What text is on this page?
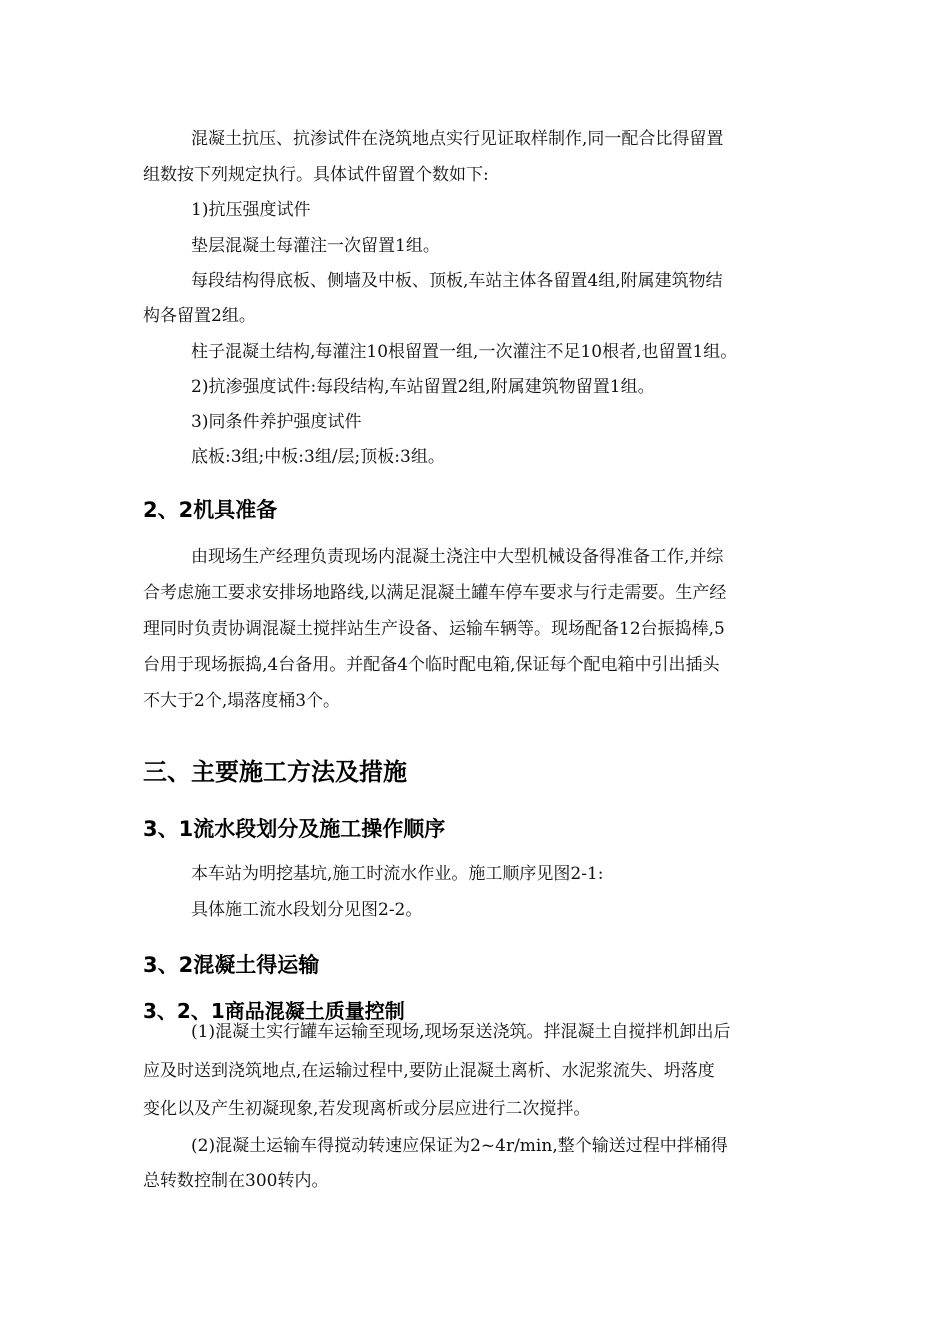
混凝土抗压、抗渗试件在浇筑地点实行见证取样制作,同一配合比得留置
组数按下列规定执行。具体试件留置个数如下:
1)抗压强度试件
垫层混凝土每灌注一次留置1组。
每段结构得底板、侧墙及中板、顶板,车站主体各留置4组,附属建筑物结
构各留置2组。
柱子混凝土结构,每灌注10根留置一组,一次灌注不足10根者,也留置1组。
2)抗渗强度试件:每段结构,车站留置2组,附属建筑物留置1组。
3)同条件养护强度试件
底板:3组;中板:3组/层;顶板:3组。
2、2机具准备
由现场生产经理负责现场内混凝土浇注中大型机械设备得准备工作,并综
合考虑施工要求安排场地路线,以满足混凝土罐车停车要求与行走需要。生产经
理同时负责协调混凝土搅拌站生产设备、运输车辆等。现场配备12台振捣棒,5
台用于现场振捣,4台备用。并配备4个临时配电箱,保证每个配电箱中引出插头
不大于2个,塌落度桶3个。
三、主要施工方法及措施
3、1流水段划分及施工操作顺序
本车站为明挖基坑,施工时流水作业。施工顺序见图2-1:
具体施工流水段划分见图2-2。
3、2混凝土得运输
3、2、1商品混凝土质量控制
(1)混凝土实行罐车运输至现场,现场泵送浇筑。拌混凝土自搅拌机卸出后
应及时送到浇筑地点,在运输过程中,要防止混凝土离析、水泥浆流失、坍落度
变化以及产生初凝现象,若发现离析或分层应进行二次搅拌。
(2)混凝土运输车得搅动转速应保证为2~4r/min,整个输送过程中拌桶得
总转数控制在300转内。
